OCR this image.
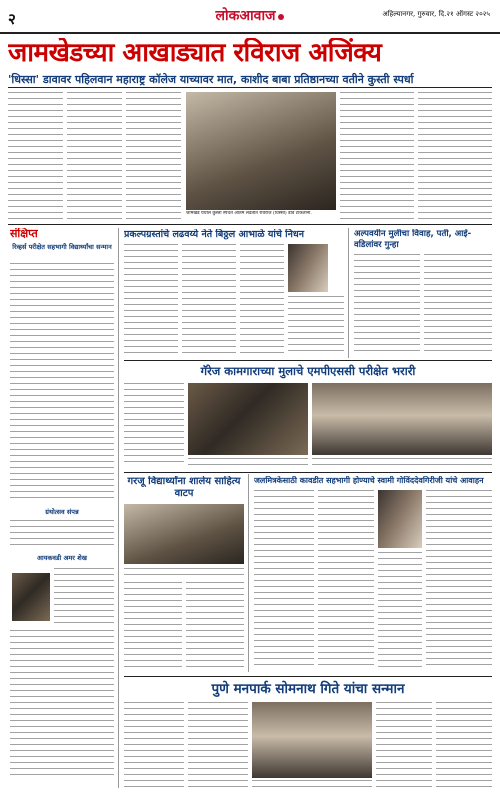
२	लोकआवाज	अहिल्यानगर, गुरुवार, दि.२१ ऑगस्ट २०२५
जामखेडच्या आखाड्यात रविराज अजिंक्य
'धिस्सा' डावावर पहिलवान महाराष्ट्र कॉलेज याच्यावर मात, काशीद बाबा प्रतिष्ठानच्या वतीने कुस्ती स्पर्धा
जामखेड येथील कुस्ती स्पर्धेत अंतिम लढतीत रविराज (धिस्सा) डाव टाकताना.
संक्षिप्त
रिव्हर्स परीक्षेत सहभागी विद्यार्थ्यांचा सन्मान
ग्रंथोत्सव संपन्न
आयकवडी अमर शेख
प्रकल्पग्रस्तांचे लढवय्ये नेते बिठ्ठल आभाळे यांचे निधन	अल्पवयीन मुलीचा विवाह, पती, आई-वडिलांवर गुन्हा
गॅरेज कामगाराच्या मुलाचे एमपीएससी परीक्षेत भरारी
गरजू विद्यार्थ्यांना शालेय साहित्य वाटप
जलमित्रकेसाठी कावडीत सहभागी होण्याचे स्वामी गोविंददेवगिरीजी यांचे आवाहन
पुणे मनपार्क सोमनाथ गिते यांचा सन्मान
